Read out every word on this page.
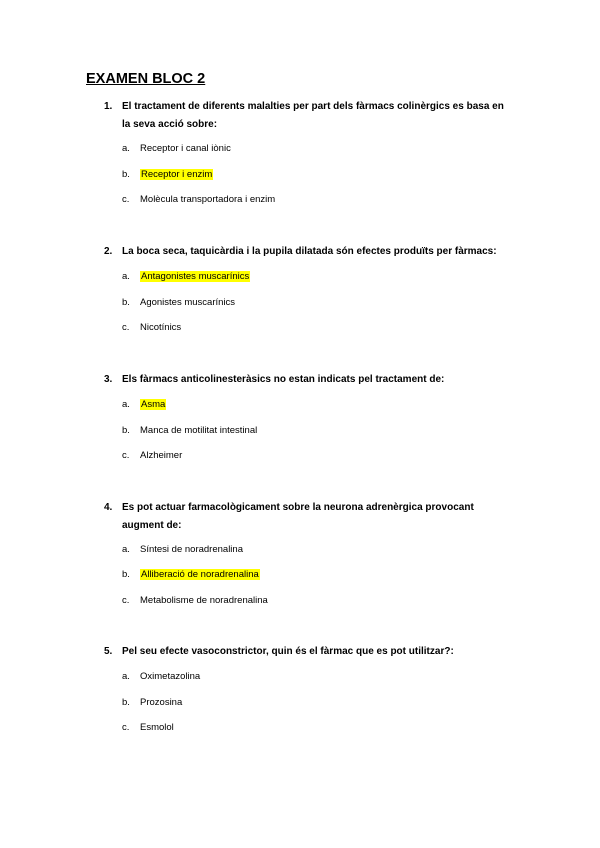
EXAMEN BLOC 2
1. El tractament de diferents malalties per part dels fàrmacs colinèrgics es basa en la seva acció sobre:
a. Receptor i canal iònic
b. Receptor i enzim
c. Molècula transportadora i enzim
2. La boca seca, taquicàrdia i la pupila dilatada són efectes produïts per fàrmacs:
a. Antagonistes muscarínics
b. Agonistes muscarínics
c. Nicotínics
3. Els fàrmacs anticolinesteràsics no estan indicats pel tractament de:
a. Asma
b. Manca de motilitat intestinal
c. Alzheimer
4. Es pot actuar farmacològicament sobre la neurona adrenèrgica provocant augment de:
a. Síntesi de noradrenalina
b. Alliberació de noradrenalina
c. Metabolisme de noradrenalina
5. Pel seu efecte vasoconstrictor, quin és el fàrmac que es pot utilitzar?:
a. Oximetazolina
b. Prozosina
c. Esmolol
